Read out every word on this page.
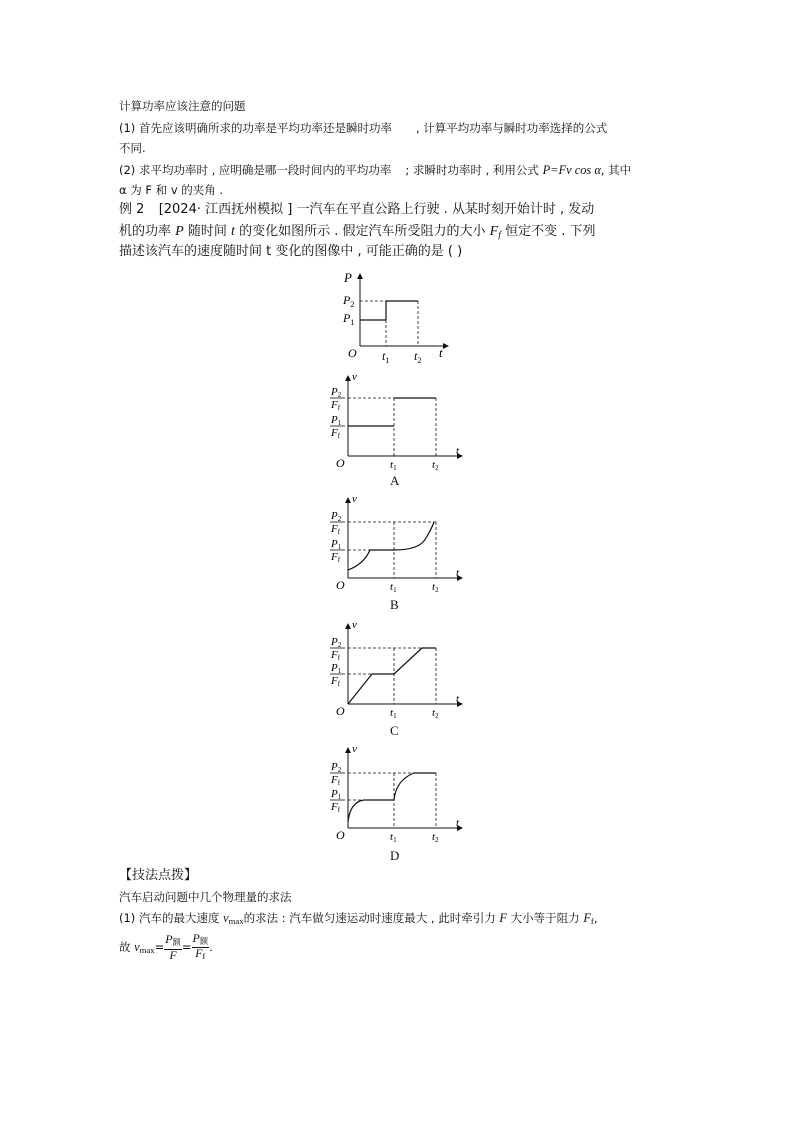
计算功率应该注意的问题
(1) 首先应该明确所求的功率是平均功率还是瞬时功率 , 计算平均功率与瞬时功率选择的公式
不同.
(2) 求平均功率时 , 应明确是哪一段时间内的平均功率 ; 求瞬时功率时 , 利用公式 P=Fv cos α, 其中
α 为 F 和 v 的夹角 .
例 2 [2024· 江西抚州模拟 ] 一汽车在平直公路上行驶 . 从某时刻开始计时 , 发动
机的功率 P 随时间 t 的变化如图所示 . 假定汽车所受阻力的大小 $F_f$ 恒定不变 . 下列
描述该汽车的速度随时间 t 变化的图像中 , 可能正确的是 ( )
P
t
O
$P_2$
$P_1$
$t_1$ $t_2$
v
t
O
P2
Ff
P1
Ff
t1	t2
A
v
t
O
P2
Ff
P1
Ff
t1	t2
B
v
t
O
P2
Ff
P1
Ff
t1	t2
C
v
t
O
P2
Ff
P1
Ff
t1	t2
D
【技法点拨】
汽车启动问题中几个物理量的求法
(1) 汽车的最大速度 $v_{max}$的求法 : 汽车做匀速运动时速度最大 , 此时牵引力 F 大小等于阻力 $F_f$,
故 $v_{max}= \frac{P_额}{F} = \frac{P_额}{F_f}$ .
